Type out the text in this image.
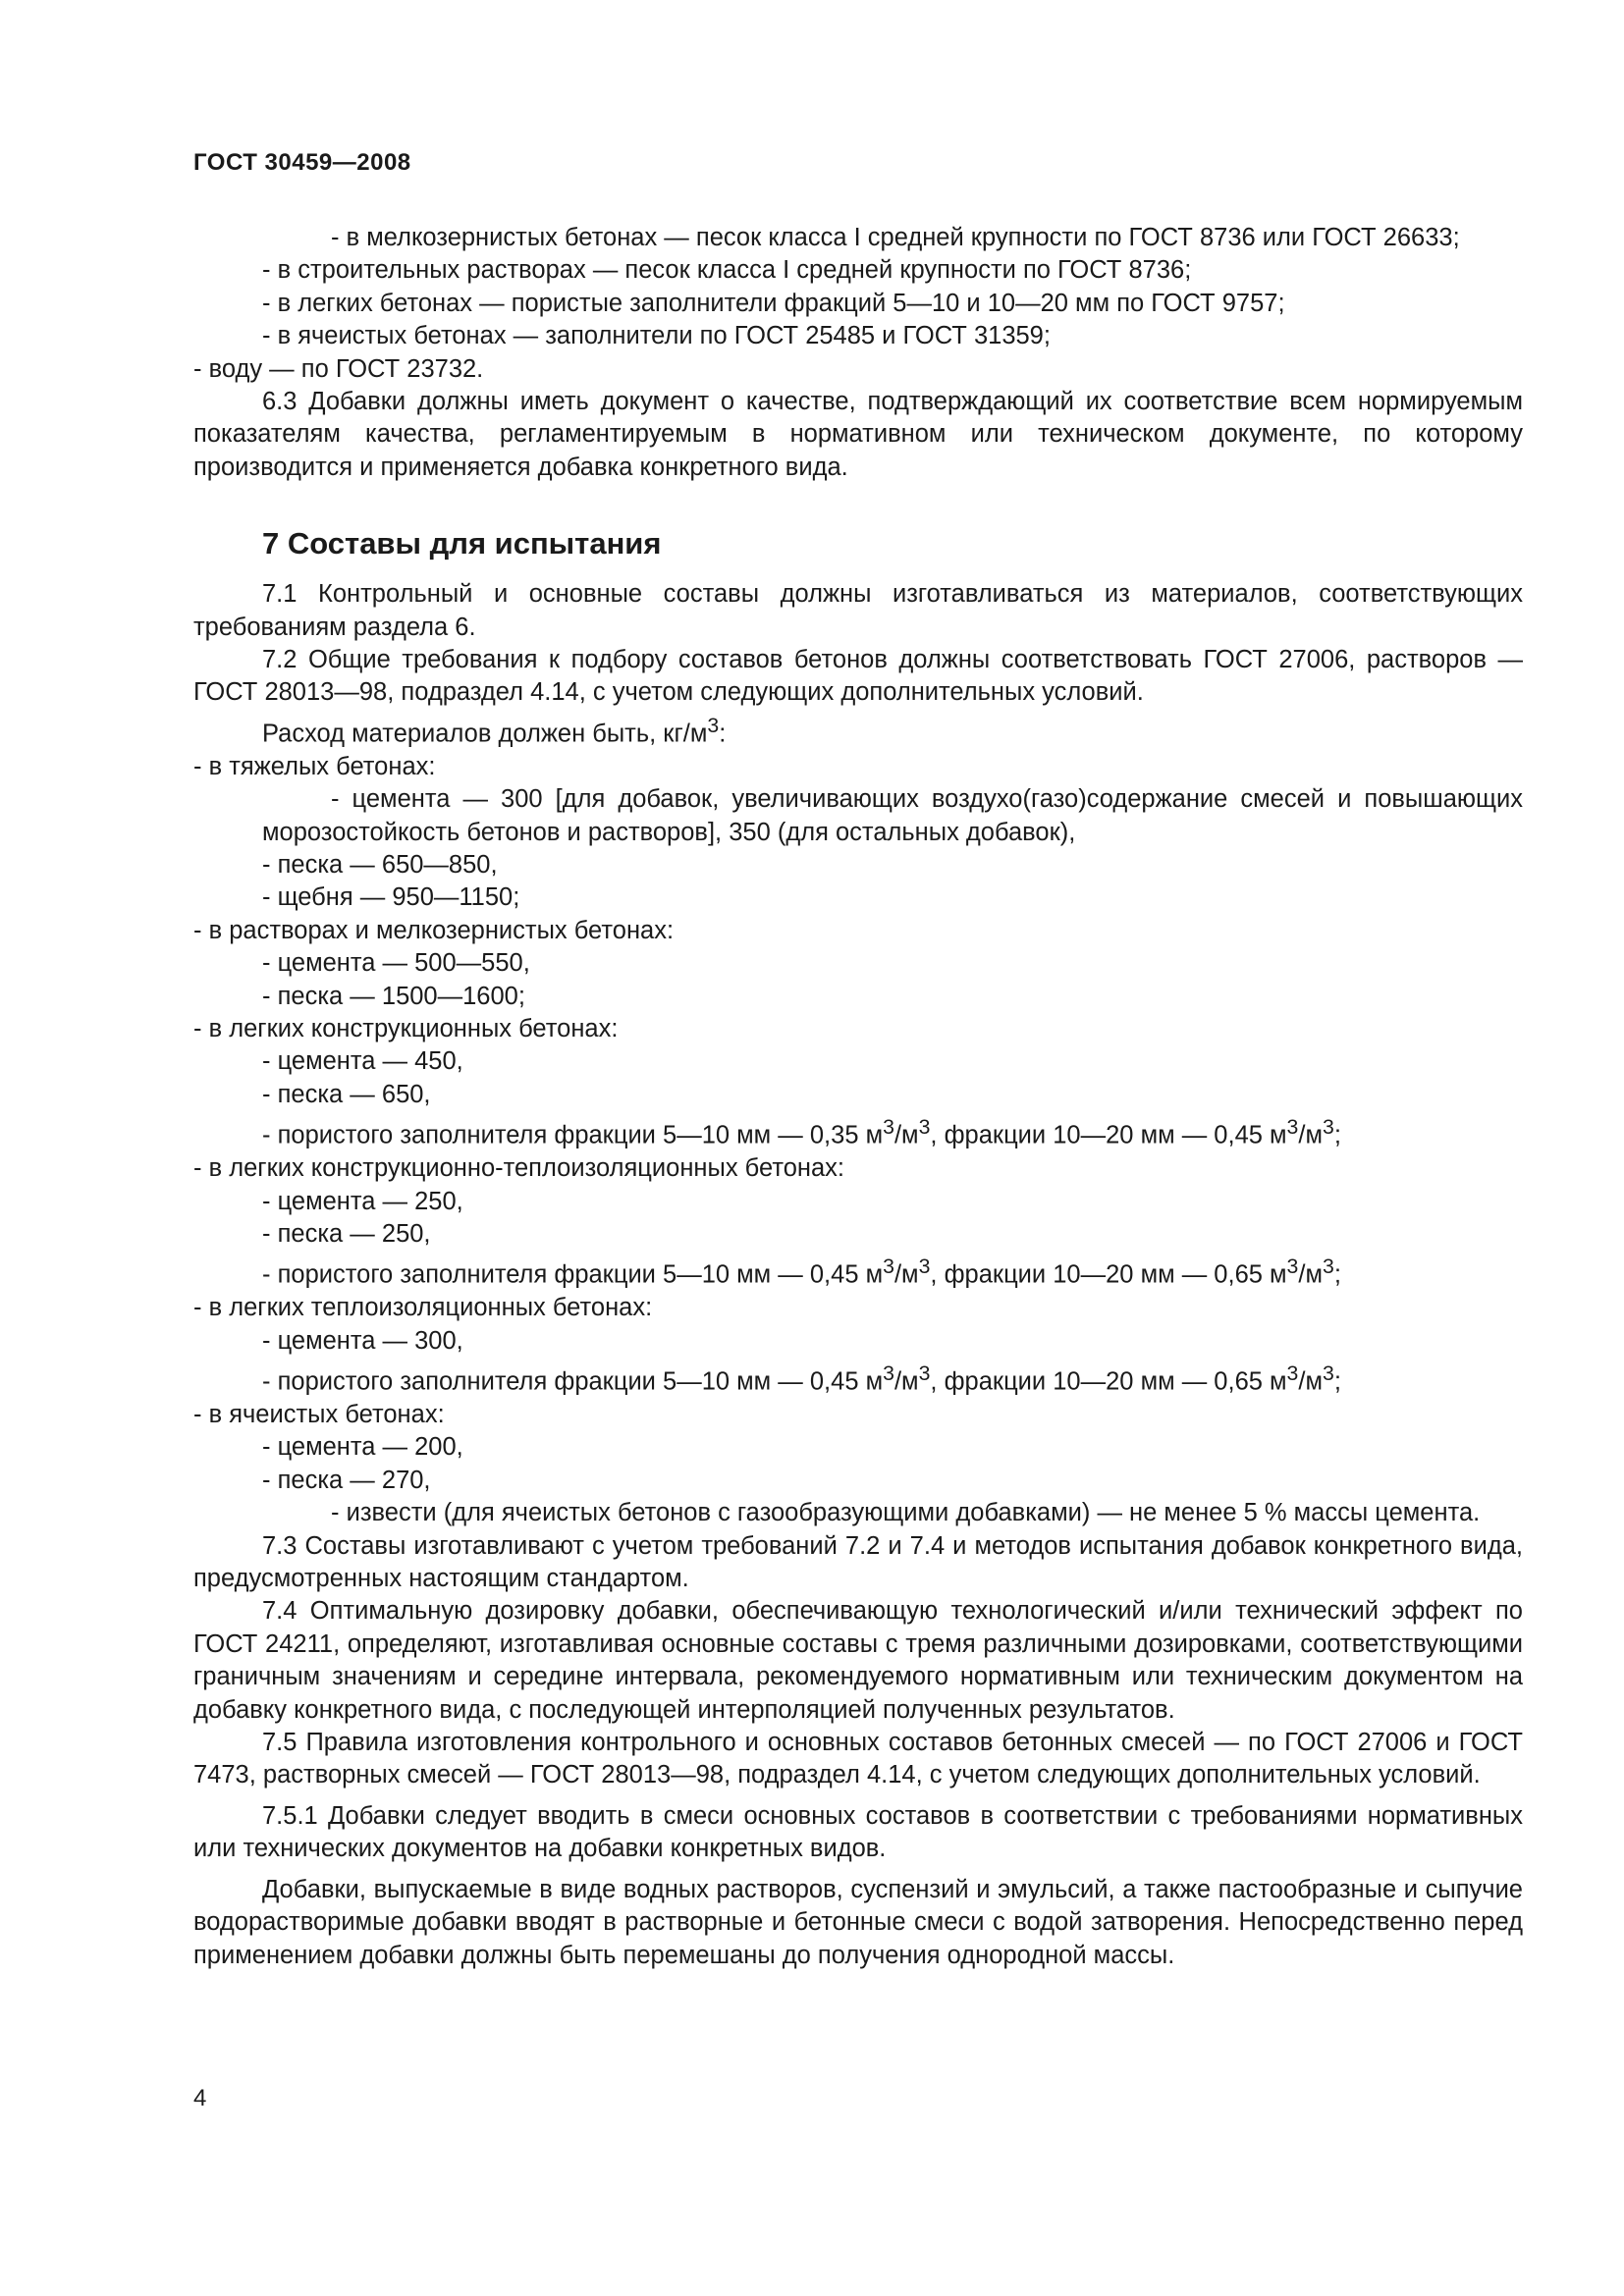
ГОСТ 30459—2008

- в мелкозернистых бетонах — песок класса I средней крупности по ГОСТ 8736 или ГОСТ 26633;

- в строительных растворах — песок класса I средней крупности по ГОСТ 8736;

- в легких бетонах — пористые заполнители фракций 5—10 и 10—20 мм по ГОСТ 9757;

- в ячеистых бетонах — заполнители по ГОСТ 25485 и ГОСТ 31359;

- воду — по ГОСТ 23732.

6.3 Добавки должны иметь документ о качестве, подтверждающий их соответствие всем нормируемым показателям качества, регламентируемым в нормативном или техническом документе, по которому производится и применяется добавка конкретного вида.

7 Составы для испытания

7.1 Контрольный и основные составы должны изготавливаться из материалов, соответствующих требованиям раздела 6.

7.2 Общие требования к подбору составов бетонов должны соответствовать ГОСТ 27006, растворов — ГОСТ 28013—98, подраздел 4.14, с учетом следующих дополнительных условий.

Расход материалов должен быть, $кг/м^3$:

- в тяжелых бетонах:

- цемента — 300 [для добавок, увеличивающих воздухо(газо)содержание смесей и повышающих морозостойкость бетонов и растворов], 350 (для остальных добавок),

- песка — 650—850,

- щебня — 950—1150;

- в растворах и мелкозернистых бетонах:

- цемента — 500—550,

- песка — 1500—1600;

- в легких конструкционных бетонах:

- цемента — 450,

- песка — 650,

- пористого заполнителя фракции 5—10 мм — 0,35 $м^3/м^3$, фракции 10—20 мм — 0,45 $м^3/м^3$;

- в легких конструкционно-теплоизоляционных бетонах:

- цемента — 250,

- песка — 250,

- пористого заполнителя фракции 5—10 мм — 0,45 $м^3/м^3$, фракции 10—20 мм — 0,65 $м^3/м^3$;

- в легких теплоизоляционных бетонах:

- цемента — 300,

- пористого заполнителя фракции 5—10 мм — 0,45 $м^3/м^3$, фракции 10—20 мм — 0,65 $м^3/м^3$;

- в ячеистых бетонах:

- цемента — 200,

- песка — 270,

- извести (для ячеистых бетонов с газообразующими добавками) — не менее 5 % массы цемента.

7.3 Составы изготавливают с учетом требований 7.2 и 7.4 и методов испытания добавок конкретного вида, предусмотренных настоящим стандартом.

7.4 Оптимальную дозировку добавки, обеспечивающую технологический и/или технический эффект по ГОСТ 24211, определяют, изготавливая основные составы с тремя различными дозировками, соответствующими граничным значениям и середине интервала, рекомендуемого нормативным или техническим документом на добавку конкретного вида, с последующей интерполяцией полученных результатов.

7.5 Правила изготовления контрольного и основных составов бетонных смесей — по ГОСТ 27006 и ГОСТ 7473, растворных смесей — ГОСТ 28013—98, подраздел 4.14, с учетом следующих дополнительных условий.

7.5.1 Добавки следует вводить в смеси основных составов в соответствии с требованиями нормативных или технических документов на добавки конкретных видов.

Добавки, выпускаемые в виде водных растворов, суспензий и эмульсий, а также пастообразные и сыпучие водорастворимые добавки вводят в растворные и бетонные смеси с водой затворения. Непосредственно перед применением добавки должны быть перемешаны до получения однородной массы.

4
